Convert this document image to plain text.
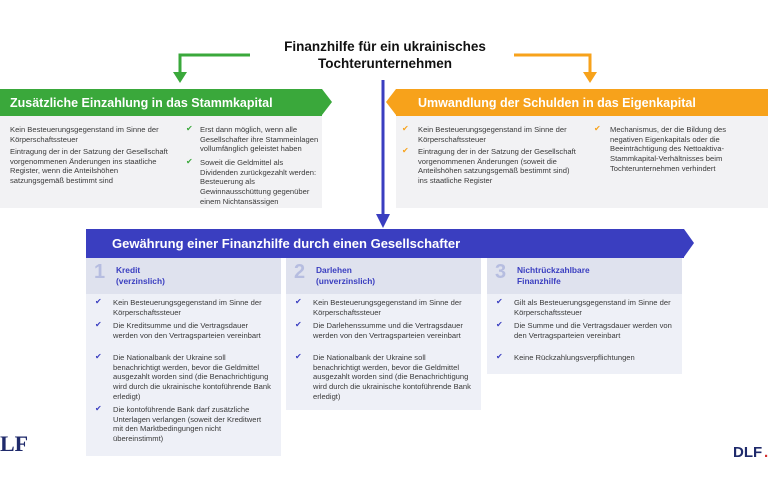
Finanzhilfe für ein ukrainisches Tochterunternehmen
Zusätzliche Einzahlung in das Stammkapital
Kein Besteuerungsgegenstand im Sinne der Körperschaftssteuer
Eintragung der in der Satzung der Gesellschaft vorgenommenen Änderungen ins staatliche Register, wenn die Anteilshöhen satzungsgemäß bestimmt sind
✔ Erst dann möglich, wenn alle Gesellschafter ihre Stammeinlagen vollumfänglich geleistet haben
✔ Soweit die Geldmittel als Dividenden zurückgezahlt werden: Besteuerung als Gewinnausschüttung gegenüber einem Nichtansässigen
Umwandlung der Schulden in das Eigenkapital
✔ Kein Besteuerungsgegenstand im Sinne der Körperschaftssteuer
✔ Eintragung der in der Satzung der Gesellschaft vorgenommenen Änderungen (soweit die Anteilshöhen satzungsgemäß bestimmt sind) ins staatliche Register
✔ Mechanismus, der die Bildung des negativen Eigenkapitals oder die Beeinträchtigung des Nettoaktiva-Stammkapital-Verhältnisses beim Tochterunternehmen verhindert
Gewährung einer Finanzhilfe durch einen Gesellschafter
1 Kredit
(verzinslich)
✔ Kein Besteuerungsgegenstand im Sinne der Körperschaftssteuer
✔ Die Kreditsumme und die Vertragsdauer werden von den Vertragsparteien vereinbart
✔ Die Nationalbank der Ukraine soll benachrichtigt werden, bevor die Geldmittel ausgezahlt worden sind (die Benachrichtigung wird durch die ukrainische kontoführende Bank erledigt)
✔ Die kontoführende Bank darf zusätzliche Unterlagen verlangen (soweit der Kreditwert mit den Marktbedingungen nicht übereinstimmt)
2 Darlehen
(unverzinslich)
✔ Kein Besteuerungsgegenstand im Sinne der Körperschaftssteuer
✔ Die Darlehenssumme und die Vertragsdauer werden von den Vertragsparteien vereinbart
✔ Die Nationalbank der Ukraine soll benachrichtigt werden, bevor die Geldmittel ausgezahlt worden sind (die Benachrichtigung wird durch die ukrainische kontoführende Bank erledigt)
3 Nichtrückzahlbare
Finanzhilfe
✔ Gilt als Besteuerungsgegenstand im Sinne der Körperschaftssteuer
✔ Die Summe und die Vertragsdauer werden von den Vertragsparteien vereinbart
✔ Keine Rückzahlungsverpflichtungen
LF	DLF .
